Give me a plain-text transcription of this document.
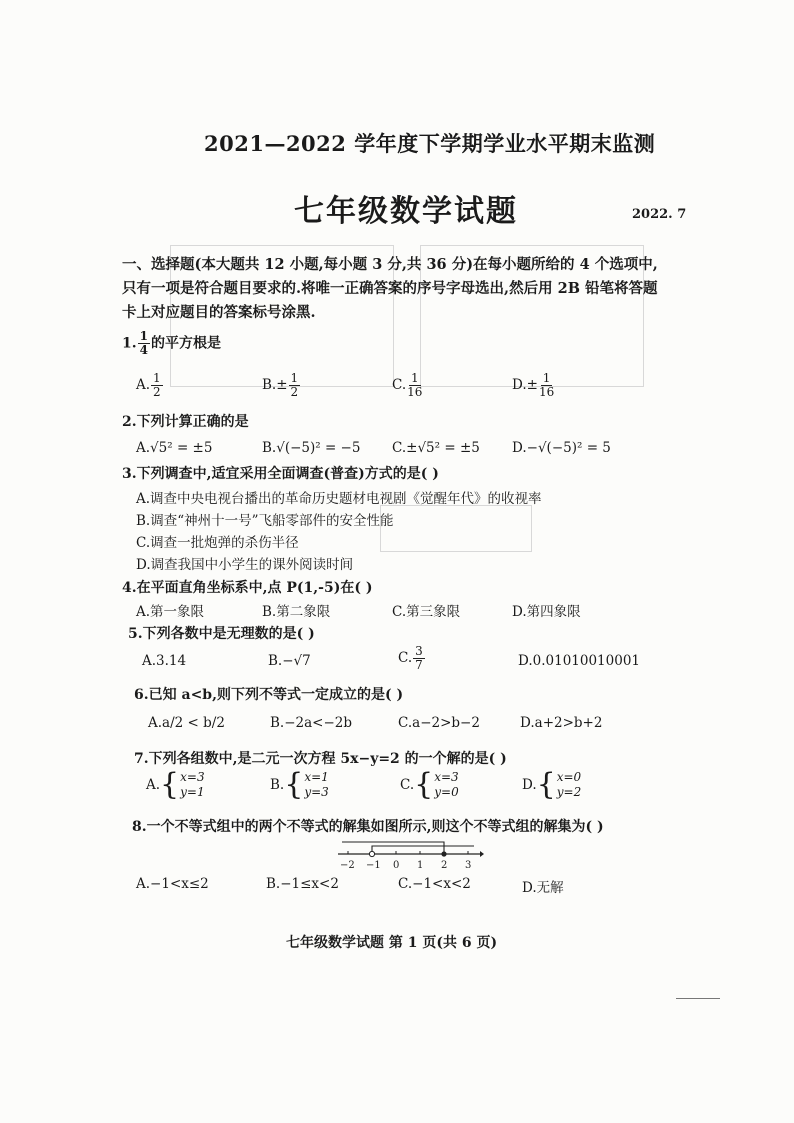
2021—2022 学年度下学期学业水平期末监测
七年级数学试题	2022. 7
一、选择题(本大题共 12 小题,每小题 3 分,共 36 分)在每小题所给的 4 个选项中,只有一项是符合题目要求的.将唯一正确答案的序号字母选出,然后用 2B 铅笔将答题卡上对应题目的答案标号涂黑.
1. $\frac{1}{4}$ 的平方根是
A. $\frac{1}{2}$	$B.\pm \frac{1}{2}$	C. $\frac{1}{16}$	$D.\pm \frac{1}{16}$
2.下列计算正确的是
A.√5² = ±5	B.√(−5)² = −5 C.±√5² = ±5 D.−√(−5)² = 5
3.下列调查中,适宜采用全面调查(普查)方式的是( )
A.调查中央电视台播出的革命历史题材电视剧《觉醒年代》的收视率
B.调查“神州十一号”飞船零部件的安全性能
C.调查一批炮弹的杀伤半径
D.调查我国中小学生的课外阅读时间
4.在平面直角坐标系中,点 P(1,-5)在( )
A.第一象限	B.第二象限	C.第三象限	D.第四象限
5.下列各数中是无理数的是( )
A.3.14	B.−√7	C. $\frac{3}{7}$	D.0.01010010001
6.已知 a<b,则下列不等式一定成立的是( )
A.a/2 < b/2	B.−2a<−2b	C.a−2>b−2	D.a+2>b+2
7.下列各组数中,是二元一次方程 5x−y=2 的一个解的是( )
A. { x=3
y=1	B. { x=1
y=3	C. { x=3
y=0	D. { x=0
y=2
8.一个不等式组中的两个不等式的解集如图所示,则这个不等式组的解集为( )
−2 −1 0 1 2 3
A.−1<x≤2	B.−1≤x<2	C.−1<x<2	D.无解
七年级数学试题 第 1 页(共 6 页)
